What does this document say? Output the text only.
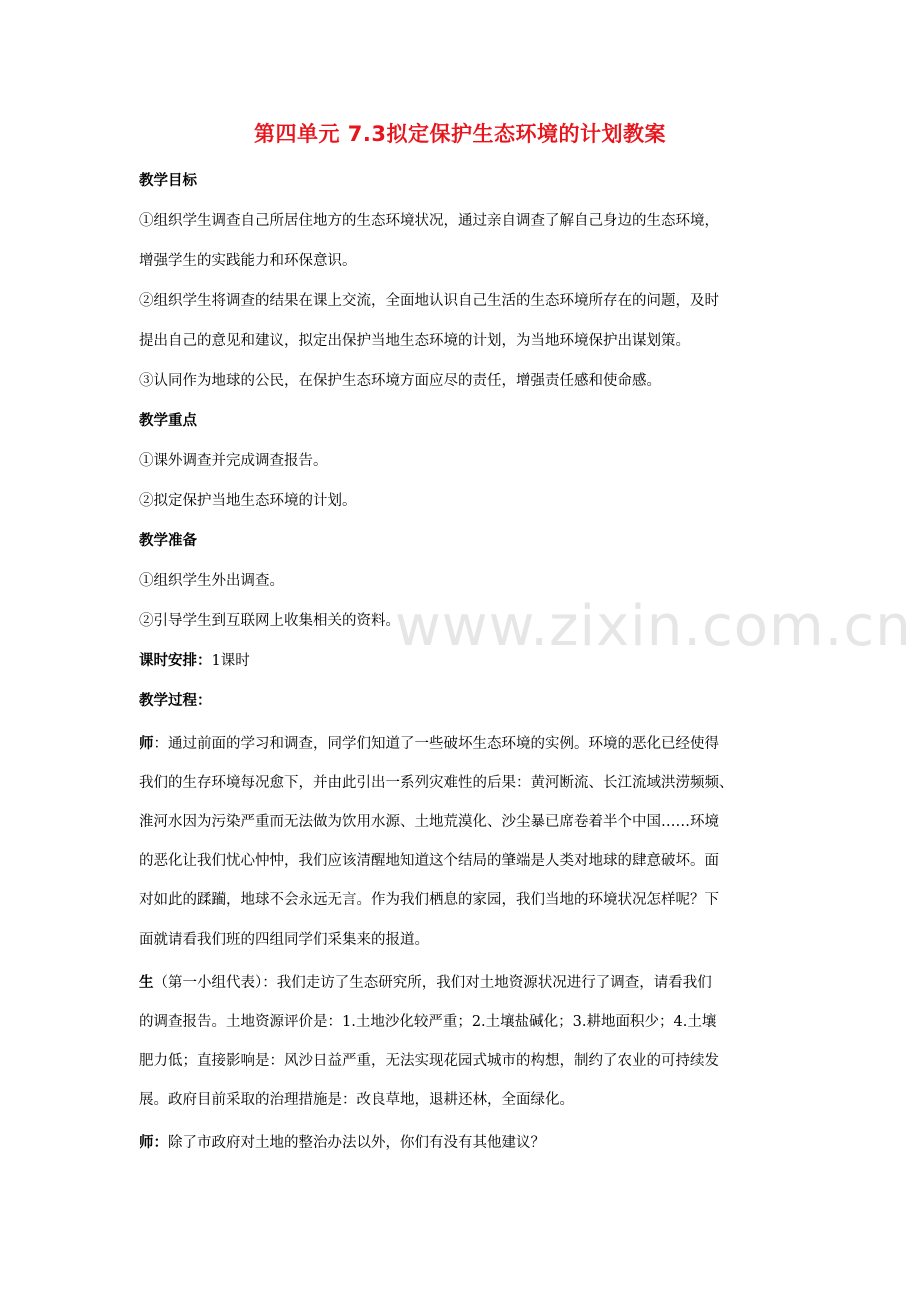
第四单元 7.3拟定保护生态环境的计划教案
教学目标
①组织学生调查自己所居住地方的生态环境状况，通过亲自调查了解自己身边的生态环境，
增强学生的实践能力和环保意识。
②组织学生将调查的结果在课上交流，全面地认识自己生活的生态环境所存在的问题，及时
提出自己的意见和建议，拟定出保护当地生态环境的计划，为当地环境保护出谋划策。
③认同作为地球的公民，在保护生态环境方面应尽的责任，增强责任感和使命感。
教学重点
①课外调查并完成调查报告。
②拟定保护当地生态环境的计划。
教学准备
①组织学生外出调查。
②引导学生到互联网上收集相关的资料。
课时安排：1课时
教学过程：
师：通过前面的学习和调查，同学们知道了一些破坏生态环境的实例。环境的恶化已经使得
我们的生存环境每况愈下，并由此引出一系列灾难性的后果：黄河断流、长江流域洪涝频频、
淮河水因为污染严重而无法做为饮用水源、土地荒漠化、沙尘暴已席卷着半个中国……环境
的恶化让我们忧心忡忡，我们应该清醒地知道这个结局的肇端是人类对地球的肆意破坏。面
对如此的蹂躏，地球不会永远无言。作为我们栖息的家园，我们当地的环境状况怎样呢？下
面就请看我们班的四组同学们采集来的报道。
生（第一小组代表）：我们走访了生态研究所，我们对土地资源状况进行了调查，请看我们
的调查报告。土地资源评价是：1.土地沙化较严重；2.土壤盐碱化；3.耕地面积少；4.土壤
肥力低；直接影响是：风沙日益严重，无法实现花园式城市的构想，制约了农业的可持续发
展。政府目前采取的治理措施是：改良草地，退耕还林，全面绿化。
师：除了市政府对土地的整治办法以外，你们有没有其他建议？
www.zixin.com.cn
